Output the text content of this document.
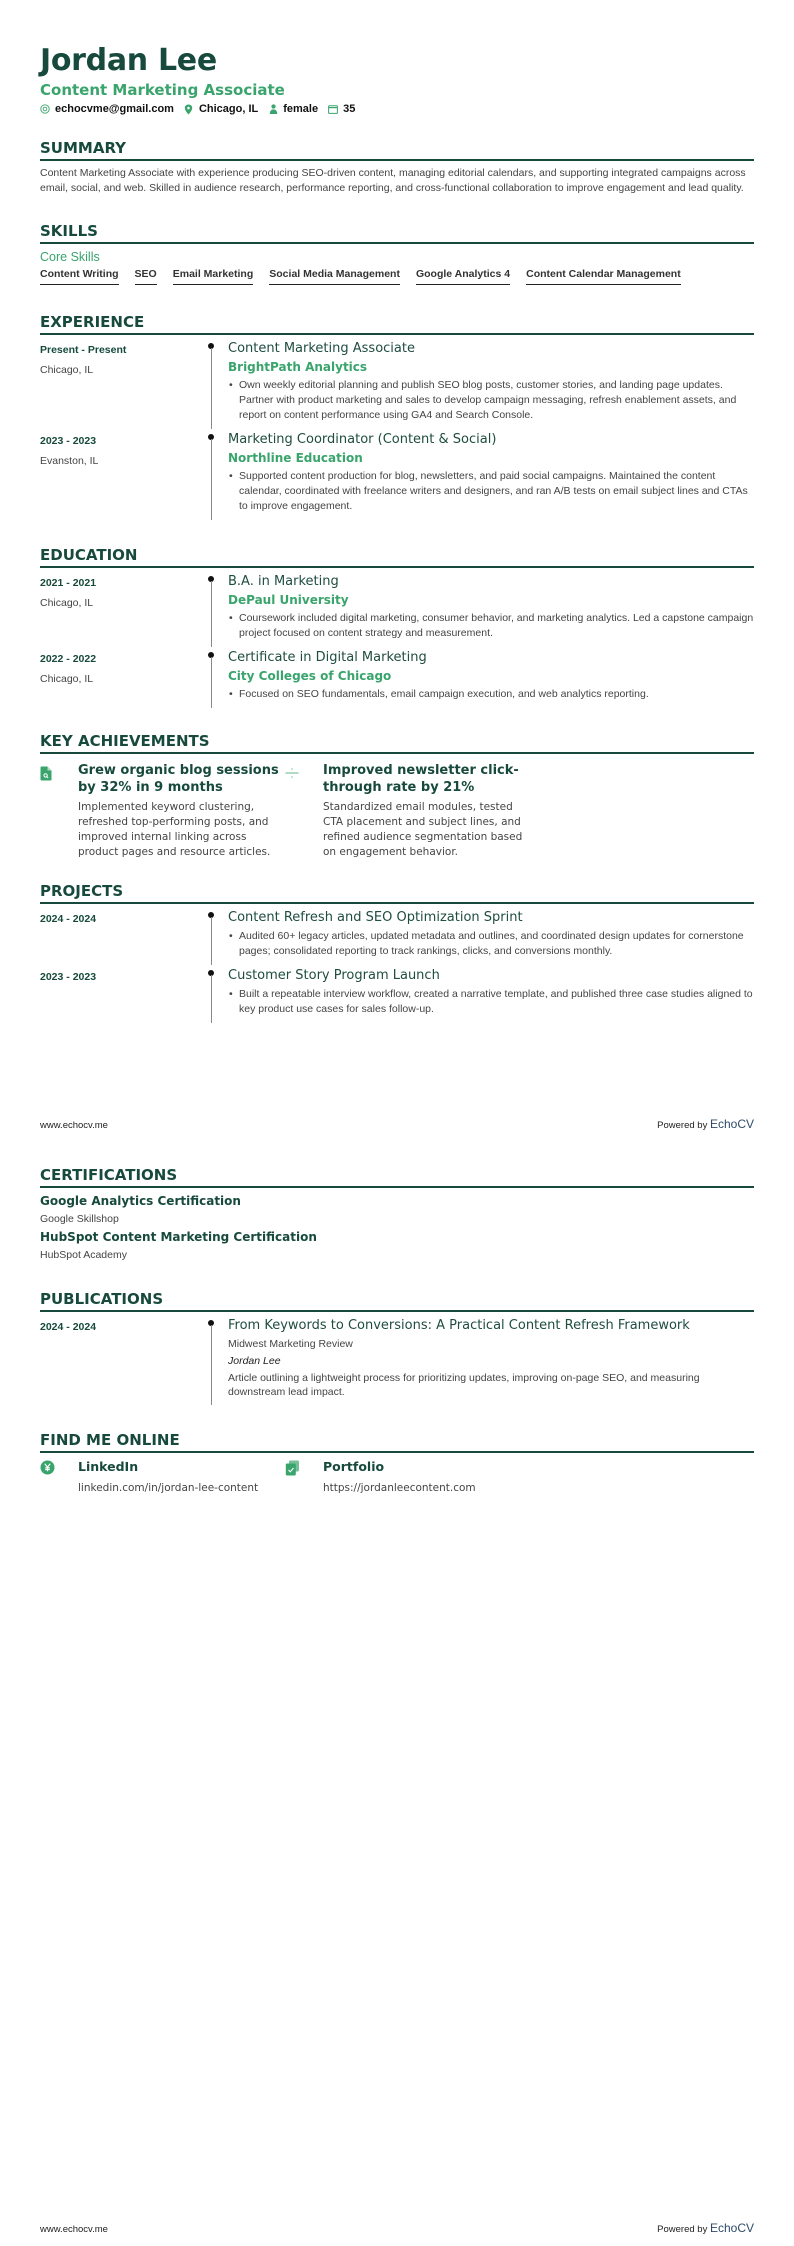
Jordan Lee
Content Marketing Associate
echocvme@gmail.com Chicago, IL female 35
SUMMARY

Content Marketing Associate with experience producing SEO-driven content, managing editorial calendars, and supporting integrated campaigns across email, social, and web. Skilled in audience research, performance reporting, and cross-functional collaboration to improve engagement and lead quality.

SKILLS
Core Skills
Content Writing SEO Email Marketing Social Media Management Google Analytics 4 Content Calendar Management
EXPERIENCE
Present - Present
Chicago, IL
Content Marketing Associate
BrightPath Analytics
• Own weekly editorial planning and publish SEO blog posts, customer stories, and landing page updates. Partner with product marketing and sales to develop campaign messaging, refresh enablement assets, and report on content performance using GA4 and Search Console.
2023 - 2023
Evanston, IL
Marketing Coordinator (Content & Social)
Northline Education
• Supported content production for blog, newsletters, and paid social campaigns. Maintained the content calendar, coordinated with freelance writers and designers, and ran A/B tests on email subject lines and CTAs to improve engagement.
EDUCATION
2021 - 2021
Chicago, IL
B.A. in Marketing
DePaul University
• Coursework included digital marketing, consumer behavior, and marketing analytics. Led a capstone campaign project focused on content strategy and measurement.
2022 - 2022
Chicago, IL
Certificate in Digital Marketing
City Colleges of Chicago
• Focused on SEO fundamentals, email campaign execution, and web analytics reporting.
KEY ACHIEVEMENTS
Grew organic blog sessions by 32% in 9 months
Implemented keyword clustering, refreshed top-performing posts, and improved internal linking across product pages and resource articles.
Improved newsletter click-through rate by 21%
Standardized email modules, tested CTA placement and subject lines, and refined audience segmentation based on engagement behavior.
PROJECTS
2024 - 2024	Content Refresh and SEO Optimization Sprint
• Audited 60+ legacy articles, updated metadata and outlines, and coordinated design updates for cornerstone pages; consolidated reporting to track rankings, clicks, and conversions monthly.
2023 - 2023	Customer Story Program Launch
• Built a repeatable interview workflow, created a narrative template, and published three case studies aligned to key product use cases for sales follow-up.
www.echocv.me	Powered by EchoCV
CERTIFICATIONS
Google Analytics Certification
Google Skillshop
HubSpot Content Marketing Certification
HubSpot Academy
PUBLICATIONS
2024 - 2024	From Keywords to Conversions: A Practical Content Refresh Framework
Midwest Marketing Review
Jordan Lee
Article outlining a lightweight process for prioritizing updates, improving on-page SEO, and measuring downstream lead impact.
FIND ME ONLINE
LinkedIn
linkedin.com/in/jordan-lee-content
Portfolio
https://jordanleecontent.com
www.echocv.me	Powered by EchoCV
